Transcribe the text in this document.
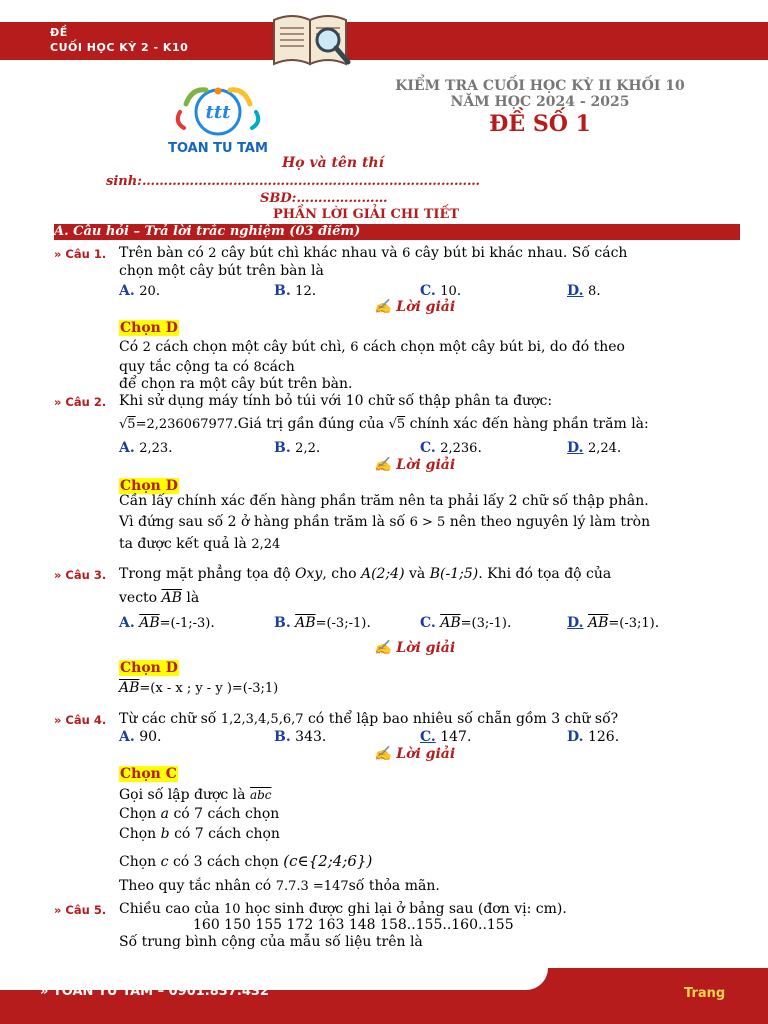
ĐỀ
CUỐI HỌC KỲ 2 - K10
ttt
TOAN TU TAM
KIỂM TRA CUỐI HỌC KỲ II KHỐI 10
NĂM HỌC 2024 - 2025
ĐỀ SỐ 1
Họ và tên thí
sinh:……………………………………………………………………
SBD:…………………
PHẦN LỜI GIẢI CHI TIẾT
A. Câu hỏi – Trả lời trắc nghiệm (03 điểm)
» Câu 1. Trên bàn có 2 cây bút chì khác nhau và 6 cây bút bi khác nhau. Số cách
chọn một cây bút trên bàn là
A. 20.	B. 12.	C. 10.	D. 8.
✍ Lời giải
Chọn D
Có 2 cách chọn một cây bút chì, 6 cách chọn một cây bút bi, do đó theo
quy tắc cộng ta có 8cách
để chọn ra một cây bút trên bàn.
» Câu 2. Khi sử dụng máy tính bỏ túi với 10 chữ số thập phân ta được:
√5=2,236067977.Giá trị gần đúng của √5 chính xác đến hàng phần trăm là:
A. 2,23.	B. 2,2.	C. 2,236.	D. 2,24.
✍ Lời giải
Chọn D
Cần lấy chính xác đến hàng phần trăm nên ta phải lấy 2 chữ số thập phân.
Vì đứng sau số 2 ở hàng phần trăm là số 6 > 5 nên theo nguyên lý làm tròn
ta được kết quả là 2,24
» Câu 3. Trong mặt phẳng tọa độ Oxy, cho A(2;4) và B(-1;5). Khi đó tọa độ của
vecto $\overline{AB}$ là
A. $\overline{AB}=(-1;-3)$.	B. $\overline{AB}=(-3;-1)$.	C. $\overline{AB}=(3;-1)$.	D. $\overline{AB}=(-3;1)$.
✍ Lời giải
Chọn D
$\overline{AB}=(x - x$ ; y - y )=(-3;1)
» Câu 4. Từ các chữ số 1,2,3,4,5,6,7 có thể lập bao nhiêu số chẵn gồm 3 chữ số?
A. 90.	B. 343.	C. 147.	D. 126.
✍ Lời giải
Chọn C
Gọi số lập được là $\overline{abc}$
Chọn a có 7 cách chọn
Chọn b có 7 cách chọn
Chọn c có 3 cách chọn (c∈{2;4;6})
Theo quy tắc nhân có 7.7.3 =147số thỏa mãn.
» Câu 5. Chiều cao của 10 học sinh được ghi lại ở bảng sau (đơn vị: cm).
160 150 155 172 163 148 158..155..160..155
Số trung bình cộng của mẫu số liệu trên là
» TOÁN TỪ TÂM – 0901.837.432	Trang
